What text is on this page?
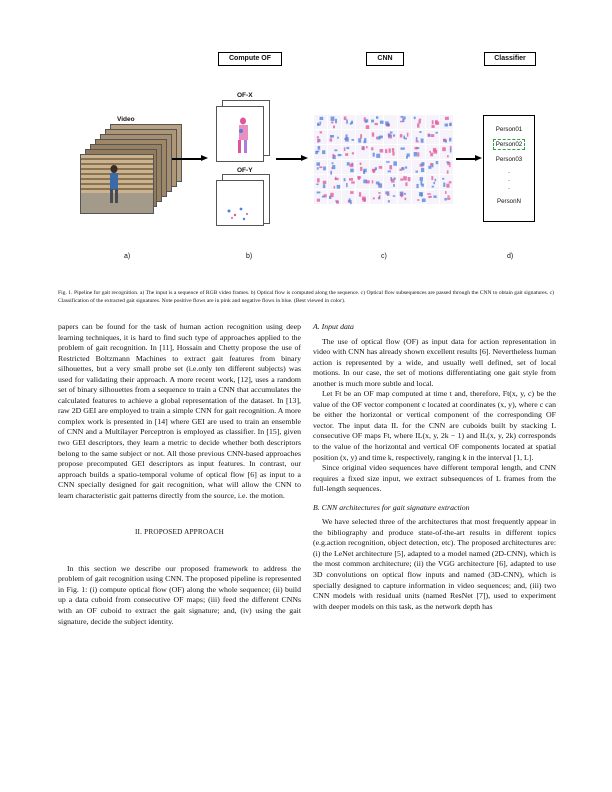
Compute OF	CNN	Classifier
Video
OF-X
OF-Y
Person01
Person02
Person03
.
.
.
PersonN
a)	b)	c)	d)
Fig. 1. Pipeline for gait recognition. a) The input is a sequence of RGB video frames. b) Optical flow is computed along the sequence. c) Optical flow subsequences are passed through the CNN to obtain gait signatures. c) Classification of the extracted gait signatures. Note positive flows are in pink and negative flows in blue. (Best viewed in color).

papers can be found for the task of human action recognition using deep learning techniques, it is hard to find such type of approaches applied to the problem of gait recognition. In [11], Hossain and Chetty propose the use of Restricted Boltzmann Machines to extract gait features from binary silhouettes, but a very small probe set (i.e.only ten different subjects) was used for validating their approach. A more recent work, [12], uses a random set of binary silhouettes from a sequence to train a CNN that accumulates the calculated features to achieve a global representation of the dataset. In [13], raw 2D GEI are employed to train a simple CNN for gait recognition. A more complex work is presented in [14] where GEI are used to train an ensemble of CNN and a Multilayer Perceptron is employed as classifier. In [15], given two GEI descriptors, they learn a metric to decide whether both descriptors belong to the same subject or not. All those previous CNN-based approaches propose precomputed GEI descriptors as input features. In contrast, our approach builds a spatio-temporal volume of optical flow [6] as input to a CNN specially designed for gait recognition, what will allow the CNN to learn characteristic gait patterns directly from the source, i.e. the motion.

II. PROPOSED APPROACH

In this section we describe our proposed framework to address the problem of gait recognition using CNN. The proposed pipeline is represented in Fig. 1: (i) compute optical flow (OF) along the whole sequence; (ii) build up a data cuboid from consecutive OF maps; (iii) feed the different CNNs with an OF cuboid to extract the gait signature; and, (iv) using the gait signature, decide the subject identity.

A. Input data

The use of optical flow (OF) as input data for action representation in video with CNN has already shown excellent results [6]. Nevertheless human action is represented by a wide, and usually well defined, set of local motions. In our case, the set of motions differentiating one gait style from another is much more subtle and local.

Let Ft be an OF map computed at time t and, therefore, Ft(x, y, c) be the value of the OF vector component c located at coordinates (x, y), where c can be either the horizontal or vertical component of the corresponding OF vector. The input data IL for the CNN are cuboids built by stacking L consecutive OF maps Ft, where IL(x, y, 2k − 1) and IL(x, y, 2k) corresponds to the value of the horizontal and vertical OF components located at spatial position (x, y) and time k, respectively, ranging k in the interval [1, L].

Since original video sequences have different temporal length, and CNN requires a fixed size input, we extract subsequences of L frames from the full-length sequences.

B. CNN architectures for gait signature extraction

We have selected three of the architectures that most frequently appear in the bibliography and produce state-of-the-art results in different topics (e.g.action recognition, object detection, etc). The proposed architectures are: (i) the LeNet architecture [5], adapted to a model named (2D-CNN), which is the most common architecture; (ii) the VGG architecture [6], adapted to use 3D convolutions on optical flow inputs and named (3D-CNN), which is specially designed to capture information in video sequences; and, (iii) two CNN models with residual units (named ResNet [7]), used to experiment with deeper models on this task, as the network depth has
